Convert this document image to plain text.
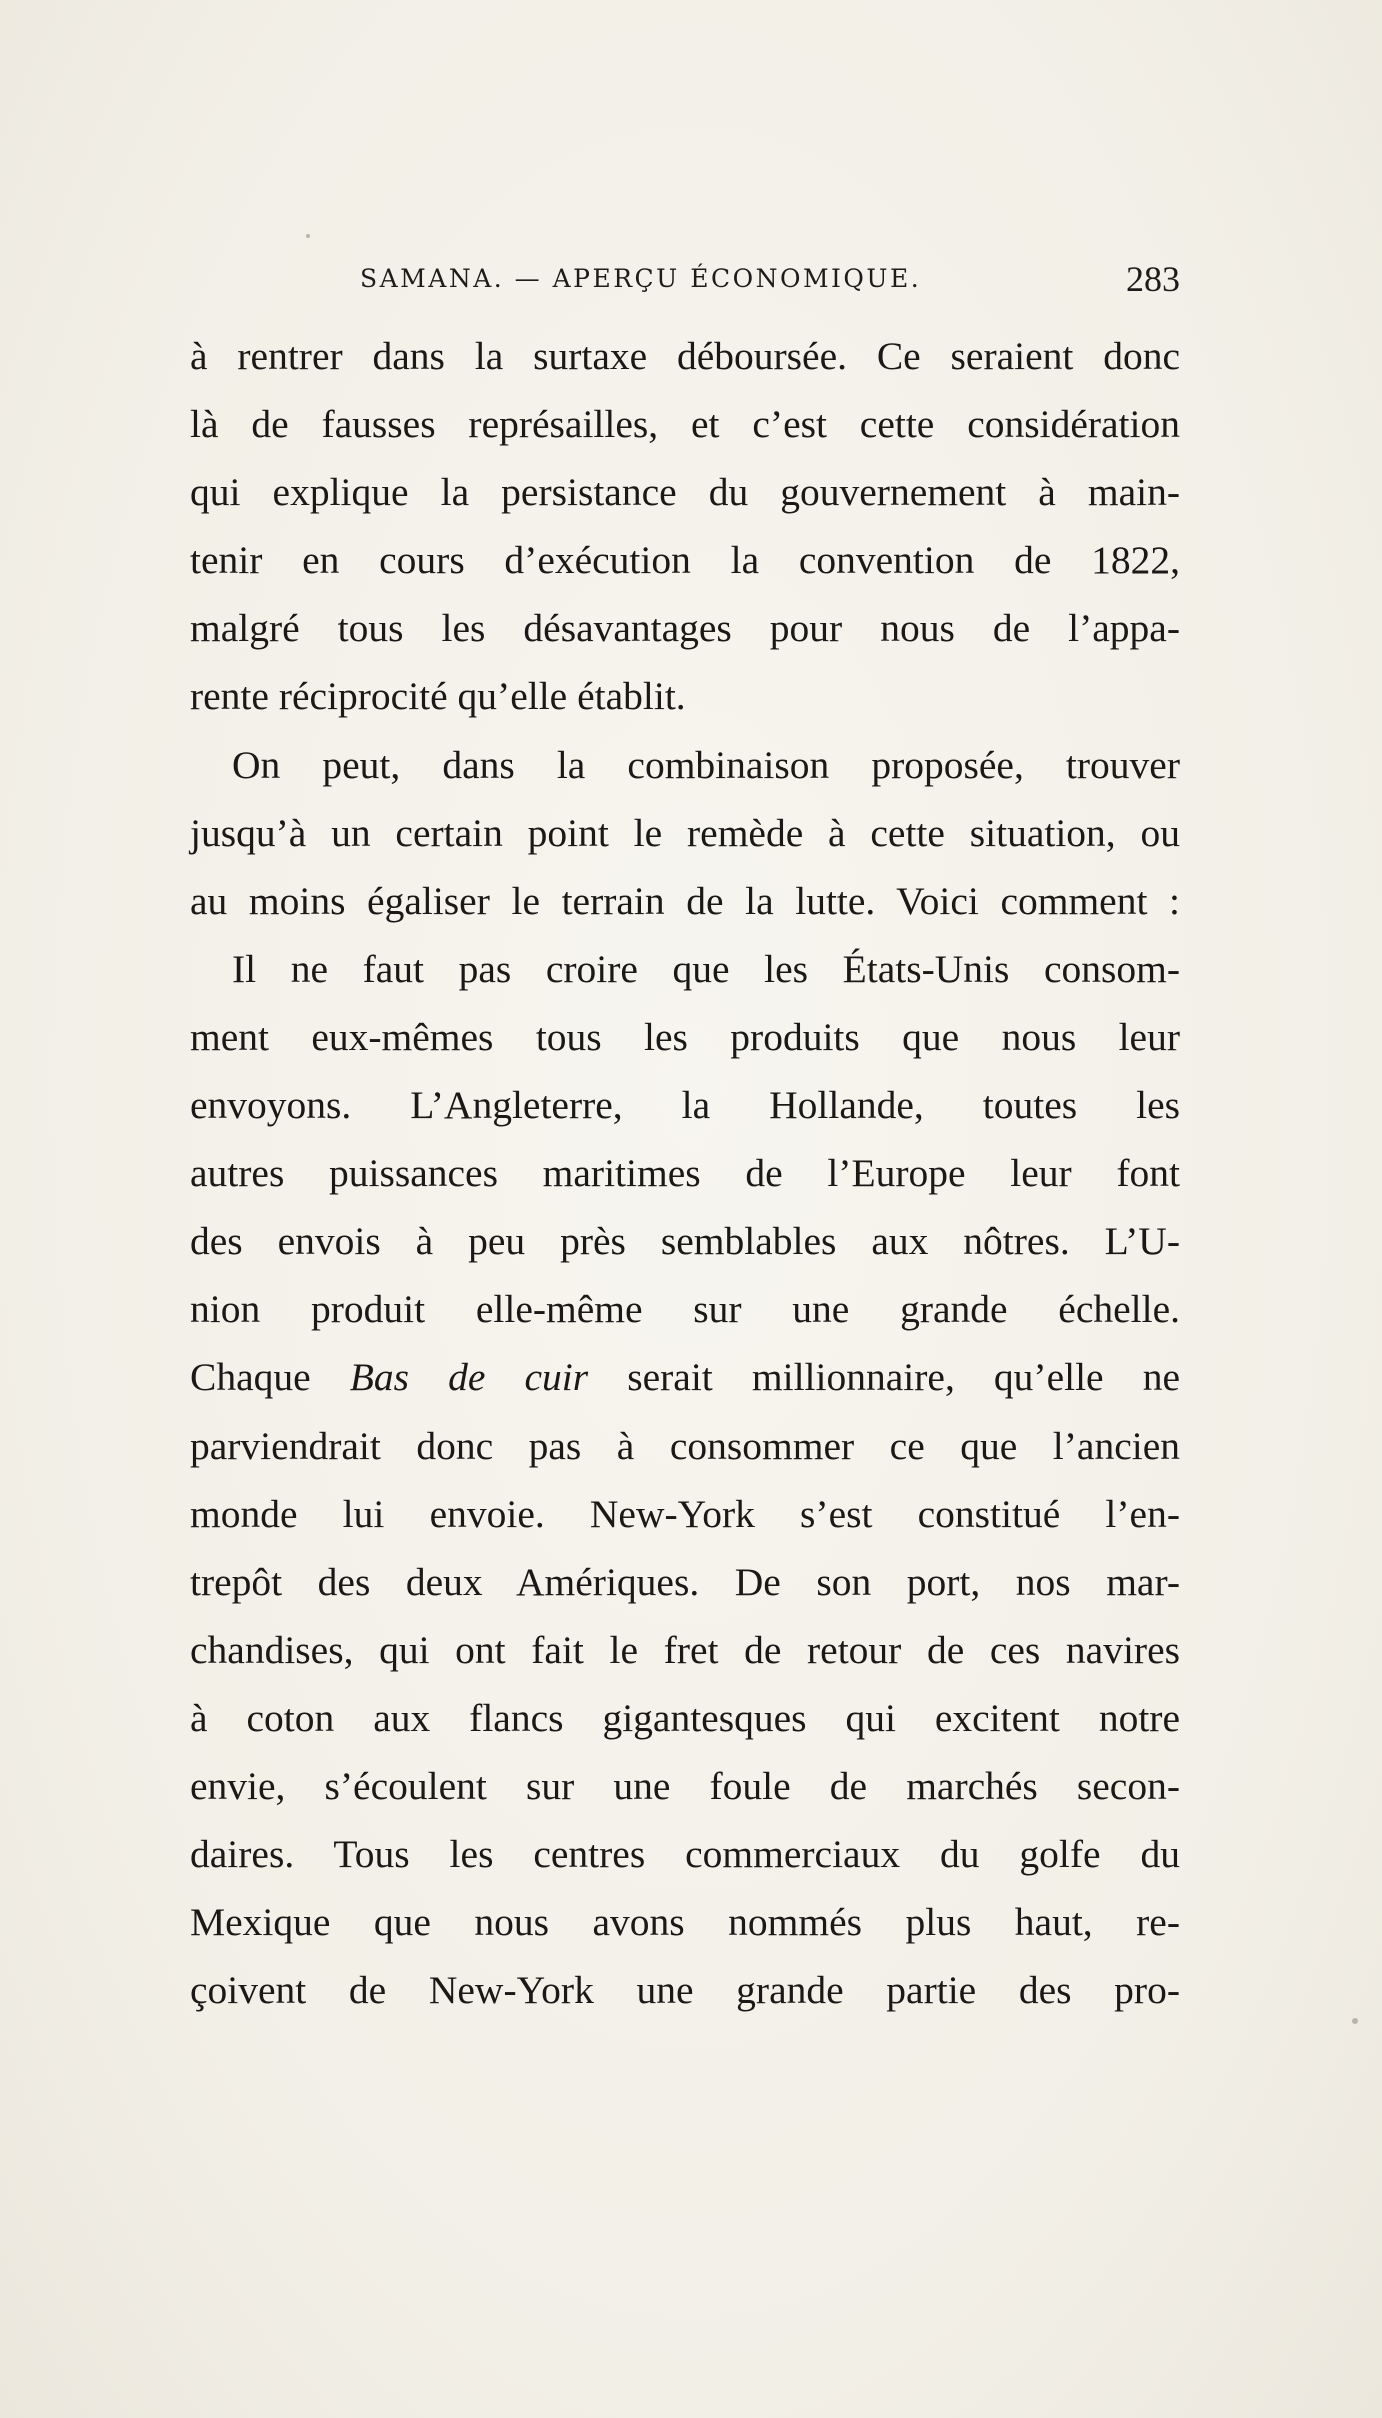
SAMANA. — APERÇU ÉCONOMIQUE.	283
à rentrer dans la surtaxe déboursée. Ce seraient donc
là de fausses représailles, et c’est cette considération
qui explique la persistance du gouvernement à main-
tenir en cours d’exécution la convention de 1822,
malgré tous les désavantages pour nous de l’appa-
rente réciprocité qu’elle établit.
On peut, dans la combinaison proposée, trouver
jusqu’à un certain point le remède à cette situation, ou
au moins égaliser le terrain de la lutte. Voici comment :
Il ne faut pas croire que les États-Unis consom-
ment eux-mêmes tous les produits que nous leur
envoyons. L’Angleterre, la Hollande, toutes les
autres puissances maritimes de l’Europe leur font
des envois à peu près semblables aux nôtres. L’U-
nion produit elle-même sur une grande échelle.
Chaque Bas de cuir serait millionnaire, qu’elle ne
parviendrait donc pas à consommer ce que l’ancien
monde lui envoie. New-York s’est constitué l’en-
trepôt des deux Amériques. De son port, nos mar-
chandises, qui ont fait le fret de retour de ces navires
à coton aux flancs gigantesques qui excitent notre
envie, s’écoulent sur une foule de marchés secon-
daires. Tous les centres commerciaux du golfe du
Mexique que nous avons nommés plus haut, re-
çoivent de New-York une grande partie des pro-
